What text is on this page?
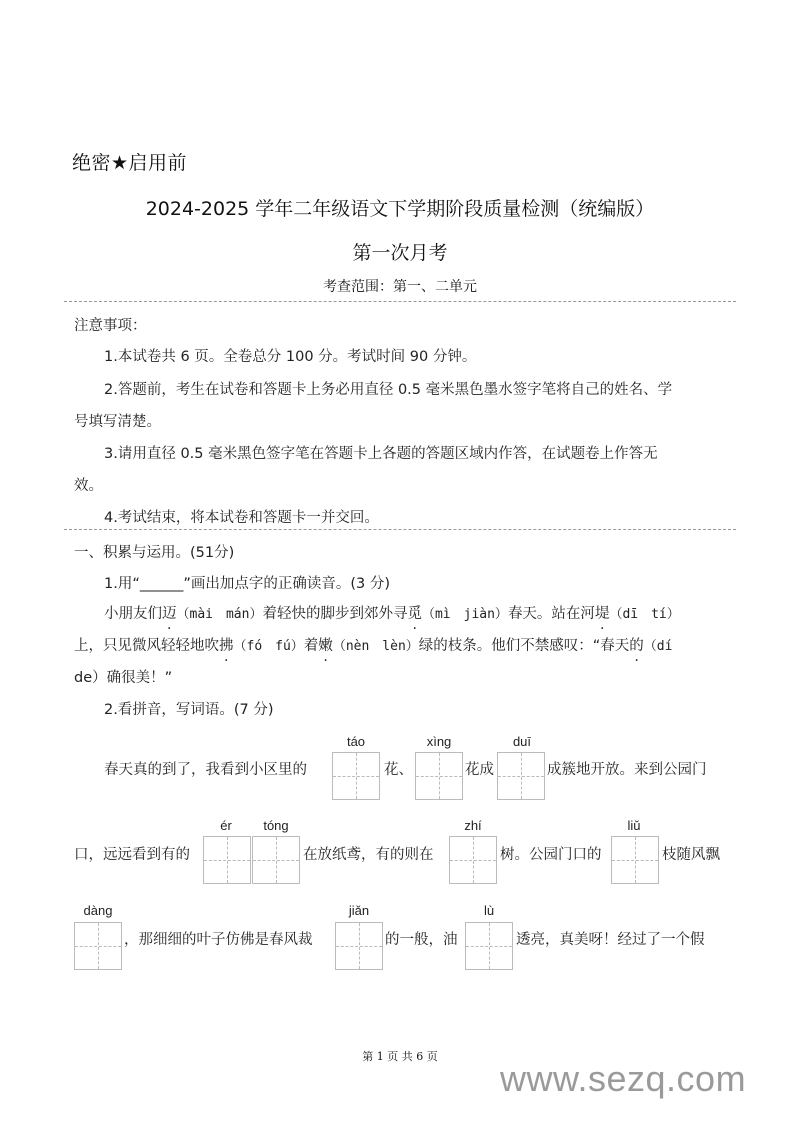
绝密★启用前
2024-2025 学年二年级语文下学期阶段质量检测（统编版）
第一次月考
考查范围：第一、二单元
注意事项：
1.本试卷共 6 页。全卷总分 100 分。考试时间 90 分钟。
2.答题前，考生在试卷和答题卡上务必用直径 0.5 毫米黑色墨水签字笔将自己的姓名、学
号填写清楚。
3.请用直径 0.5 毫米黑色签字笔在答题卡上各题的答题区域内作答，在试题卷上作答无
效。
4.考试结束，将本试卷和答题卡一并交回。
一、积累与运用。(51分)
1.用“______”画出加点字的正确读音。(3 分)
小朋友们迈（mài　mán）着轻快的脚步到郊外寻觅（mì　jiàn）春天。站在河堤（dī　tí）
上，只见微风轻轻地吹拂（fó　fú）着嫩（nèn　lèn）绿的枝条。他们不禁感叹：“春天的（dí
de）确很美！”
2.看拼音，写词语。(7 分)
春天真的到了，我看到小区里的
táo
花、
xìng
花成
duī
成簇地开放。来到公园门
口，远远看到有的
ér	tóng
在放纸鸢，有的则在
zhí
树。公园门口的
liǔ
枝随风飘
dàng
，那细细的叶子仿佛是春风裁
jiǎn
的一般，油
lù
透亮，真美呀！经过了一个假
第 1 页 共 6 页
www.sezq.com
